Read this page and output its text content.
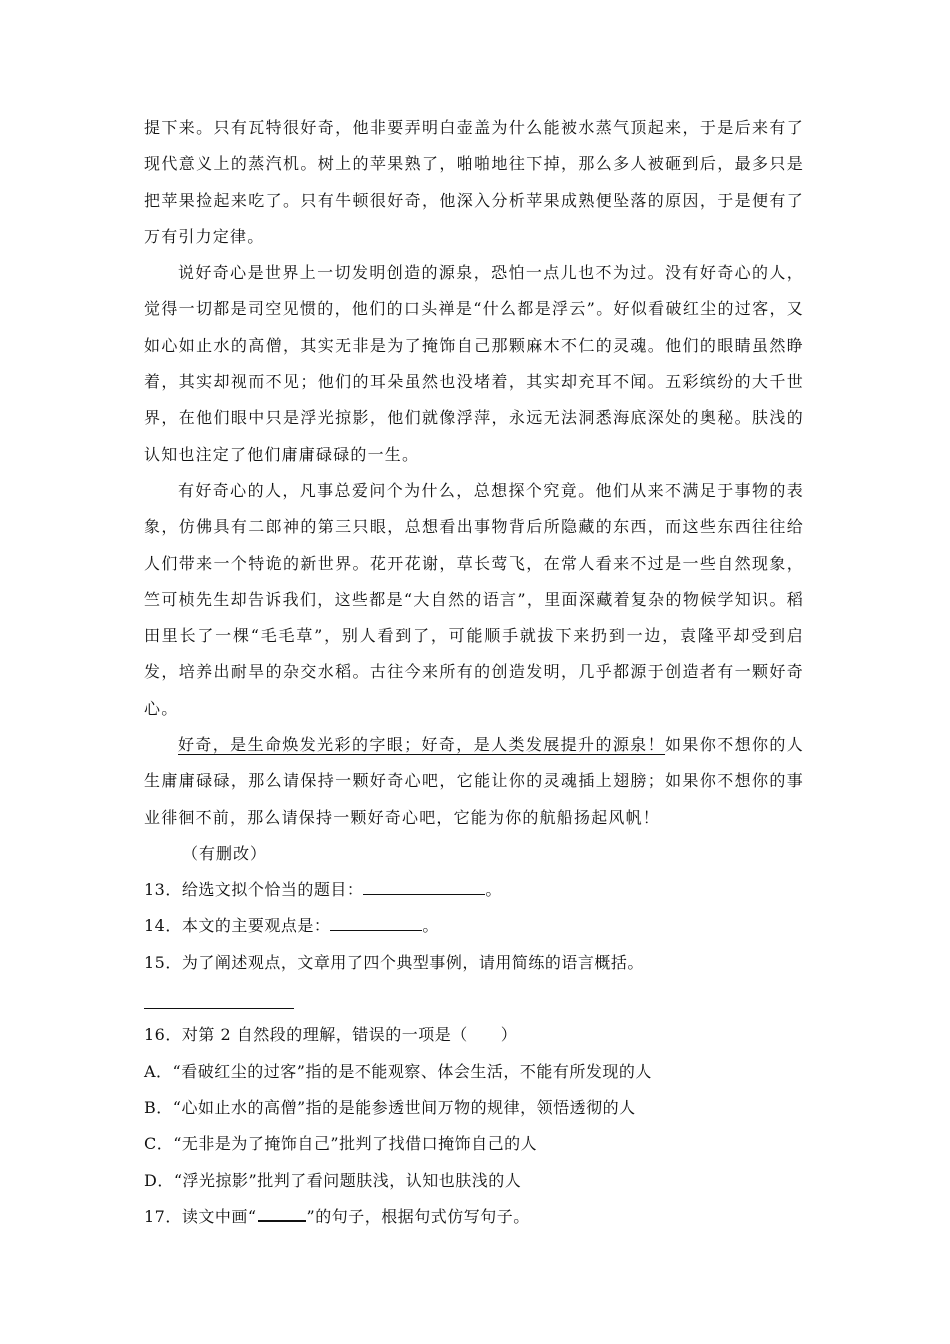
提下来。只有瓦特很好奇，他非要弄明白壶盖为什么能被水蒸气顶起来，于是后来有了现代意义上的蒸汽机。树上的苹果熟了，啪啪地往下掉，那么多人被砸到后，最多只是把苹果捡起来吃了。只有牛顿很好奇，他深入分析苹果成熟便坠落的原因，于是便有了万有引力定律。

说好奇心是世界上一切发明创造的源泉，恐怕一点儿也不为过。没有好奇心的人，觉得一切都是司空见惯的，他们的口头禅是“什么都是浮云”。好似看破红尘的过客，又如心如止水的高僧，其实无非是为了掩饰自己那颗麻木不仁的灵魂。他们的眼睛虽然睁着，其实却视而不见；他们的耳朵虽然也没堵着，其实却充耳不闻。五彩缤纷的大千世界，在他们眼中只是浮光掠影，他们就像浮萍，永远无法洞悉海底深处的奥秘。肤浅的认知也注定了他们庸庸碌碌的一生。

有好奇心的人，凡事总爱问个为什么，总想探个究竟。他们从来不满足于事物的表象，仿佛具有二郎神的第三只眼，总想看出事物背后所隐藏的东西，而这些东西往往给人们带来一个特诡的新世界。花开花谢，草长莺飞，在常人看来不过是一些自然现象，竺可桢先生却告诉我们，这些都是“大自然的语言”，里面深藏着复杂的物候学知识。稻田里长了一棵“毛毛草”，别人看到了，可能顺手就拔下来扔到一边，袁隆平却受到启发，培养出耐旱的杂交水稻。古往今来所有的创造发明，几乎都源于创造者有一颗好奇心。

好奇，是生命焕发光彩的字眼；好奇，是人类发展提升的源泉！如果你不想你的人生庸庸碌碌，那么请保持一颗好奇心吧，它能让你的灵魂插上翅膀；如果你不想你的事业徘徊不前，那么请保持一颗好奇心吧，它能为你的航船扬起风帆！

（有删改）

13．给选文拟个恰当的题目：	。

14．本文的主要观点是：	。

15．为了阐述观点，文章用了四个典型事例，请用简练的语言概括。

16．对第 2 自然段的理解，错误的一项是（　　）

A．“看破红尘的过客”指的是不能观察、体会生活，不能有所发现的人

B．“心如止水的高僧”指的是能参透世间万物的规律，领悟透彻的人

C．“无非是为了掩饰自己”批判了找借口掩饰自己的人

D．“浮光掠影”批判了看问题肤浅，认知也肤浅的人

17．读文中画“	”的句子，根据句式仿写句子。
